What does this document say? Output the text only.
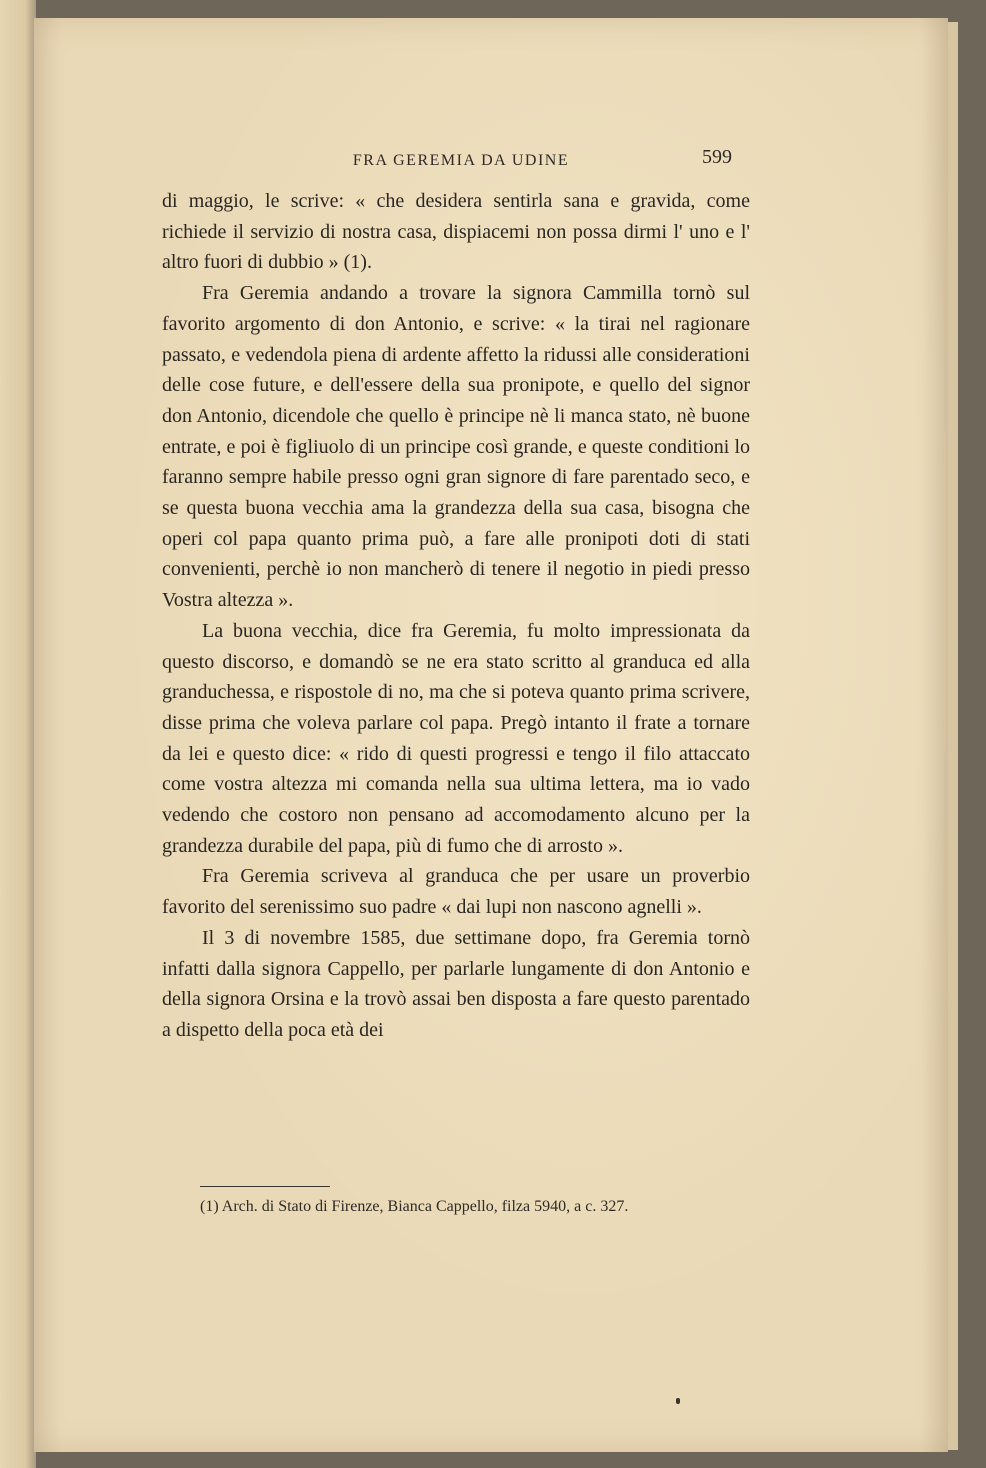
FRA GEREMIA DA UDINE	599

di maggio, le scrive: « che desidera sentirla sana e gravida, come richiede il servizio di nostra casa, dispiacemi non possa dirmi l' uno e l' altro fuori di dubbio » (1).

Fra Geremia andando a trovare la signora Cammilla tornò sul favorito argomento di don Antonio, e scrive: « la tirai nel ragionare passato, e vedendola piena di ardente affetto la ridussi alle considerationi delle cose future, e dell'essere della sua pronipote, e quello del signor don Antonio, dicendole che quello è principe nè li manca stato, nè buone entrate, e poi è figliuolo di un principe così grande, e queste conditioni lo faranno sempre habile presso ogni gran signore di fare parentado seco, e se questa buona vecchia ama la grandezza della sua casa, bisogna che operi col papa quanto prima può, a fare alle pronipoti doti di stati convenienti, perchè io non mancherò di tenere il negotio in piedi presso Vostra altezza ».

La buona vecchia, dice fra Geremia, fu molto impressionata da questo discorso, e domandò se ne era stato scritto al granduca ed alla granduchessa, e rispostole di no, ma che si poteva quanto prima scrivere, disse prima che voleva parlare col papa. Pregò intanto il frate a tornare da lei e questo dice: « rido di questi progressi e tengo il filo attaccato come vostra altezza mi comanda nella sua ultima lettera, ma io vado vedendo che costoro non pensano ad accomodamento alcuno per la grandezza durabile del papa, più di fumo che di arrosto ».

Fra Geremia scriveva al granduca che per usare un proverbio favorito del serenissimo suo padre « dai lupi non nascono agnelli ».

Il 3 di novembre 1585, due settimane dopo, fra Geremia tornò infatti dalla signora Cappello, per parlarle lungamente di don Antonio e della signora Orsina e la trovò assai ben disposta a fare questo parentado a dispetto della poca età dei

(1) Arch. di Stato di Firenze, Bianca Cappello, filza 5940, a c. 327.
